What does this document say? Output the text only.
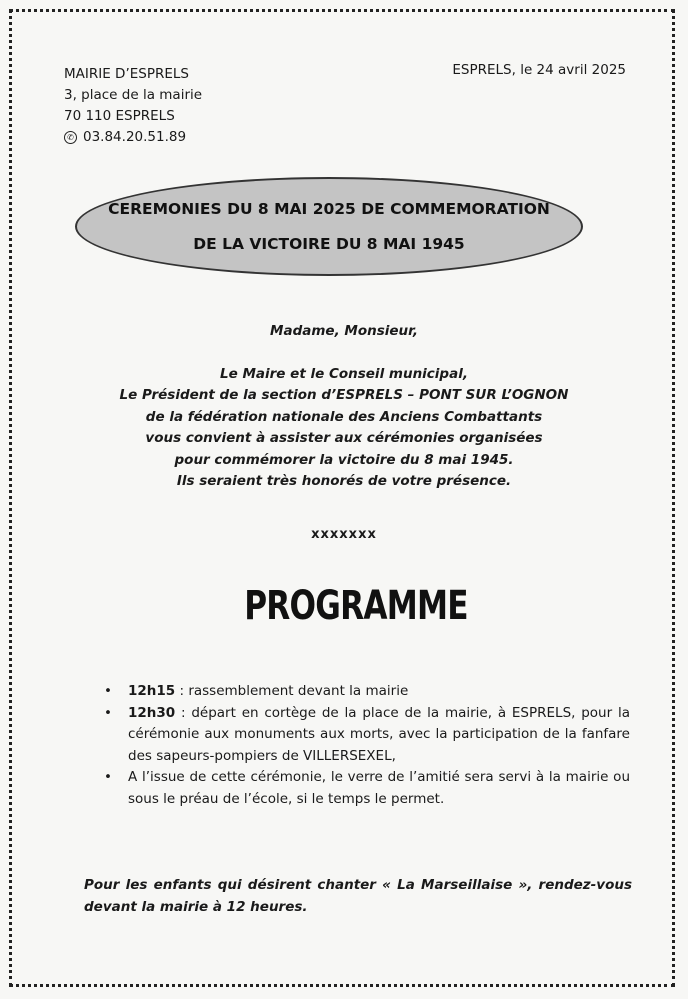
MAIRIE D’ESPRELS
3, place de la mairie
70 110 ESPRELS
✆ 03.84.20.51.89
ESPRELS, le 24 avril 2025
CEREMONIES DU 8 MAI 2025 DE COMMEMORATION
DE LA VICTOIRE DU 8 MAI 1945
Madame, Monsieur,
Le Maire et le Conseil municipal,
Le Président de la section d’ESPRELS – PONT SUR L’OGNON
de la fédération nationale des Anciens Combattants
vous convient à assister aux cérémonies organisées
pour commémorer la victoire du 8 mai 1945.
Ils seraient très honorés de votre présence.
xxxxxxx
PROGRAMME
• 12h15 : rassemblement devant la mairie
• 12h30 : départ en cortège de la place de la mairie, à ESPRELS, pour la cérémonie aux monuments aux morts, avec la participation de la fanfare des sapeurs-pompiers de VILLERSEXEL,
• A l’issue de cette cérémonie, le verre de l’amitié sera servi à la mairie ou sous le préau de l’école, si le temps le permet.
Pour les enfants qui désirent chanter « La Marseillaise », rendez-vous devant la mairie à 12 heures.
